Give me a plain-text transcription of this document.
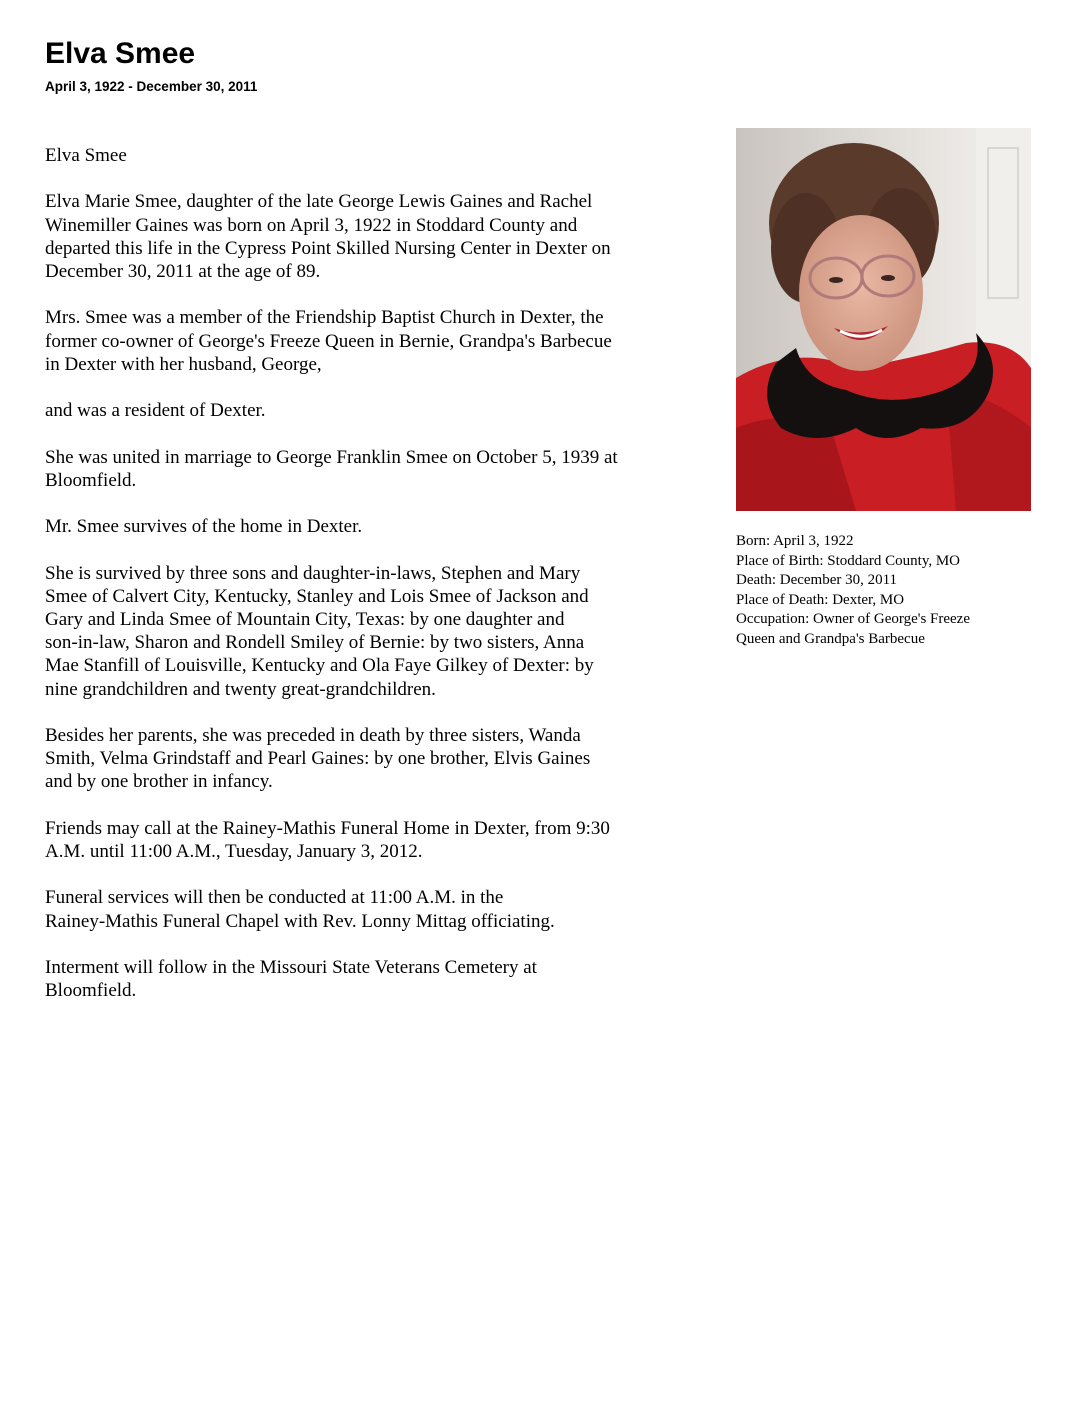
Elva Smee
April 3, 1922 - December 30, 2011

Elva Smee

Elva Marie Smee, daughter of the late George Lewis Gaines and Rachel
Winemiller Gaines was born on April 3, 1922 in Stoddard County and
departed this life in the Cypress Point Skilled Nursing Center in Dexter on
December 30, 2011 at the age of 89.

Mrs. Smee was a member of the Friendship Baptist Church in Dexter, the
former co-owner of George's Freeze Queen in Bernie, Grandpa's Barbecue
in Dexter with her husband, George,

and was a resident of Dexter.

She was united in marriage to George Franklin Smee on October 5, 1939 at
Bloomfield.

Mr. Smee survives of the home in Dexter.

She is survived by three sons and daughter-in-laws, Stephen and Mary
Smee of Calvert City, Kentucky, Stanley and Lois Smee of Jackson and
Gary and Linda Smee of Mountain City, Texas: by one daughter and
son-in-law, Sharon and Rondell Smiley of Bernie: by two sisters, Anna
Mae Stanfill of Louisville, Kentucky and Ola Faye Gilkey of Dexter: by
nine grandchildren and twenty great-grandchildren.

Besides her parents, she was preceded in death by three sisters, Wanda
Smith, Velma Grindstaff and Pearl Gaines: by one brother, Elvis Gaines
and by one brother in infancy.

Friends may call at the Rainey-Mathis Funeral Home in Dexter, from 9:30
A.M. until 11:00 A.M., Tuesday, January 3, 2012.

Funeral services will then be conducted at 11:00 A.M. in the
Rainey-Mathis Funeral Chapel with Rev. Lonny Mittag officiating.

Interment will follow in the Missouri State Veterans Cemetery at
Bloomfield.

Born: April 3, 1922
Place of Birth: Stoddard County, MO
Death: December 30, 2011
Place of Death: Dexter, MO
Occupation: Owner of George's Freeze
Queen and Grandpa's Barbecue
